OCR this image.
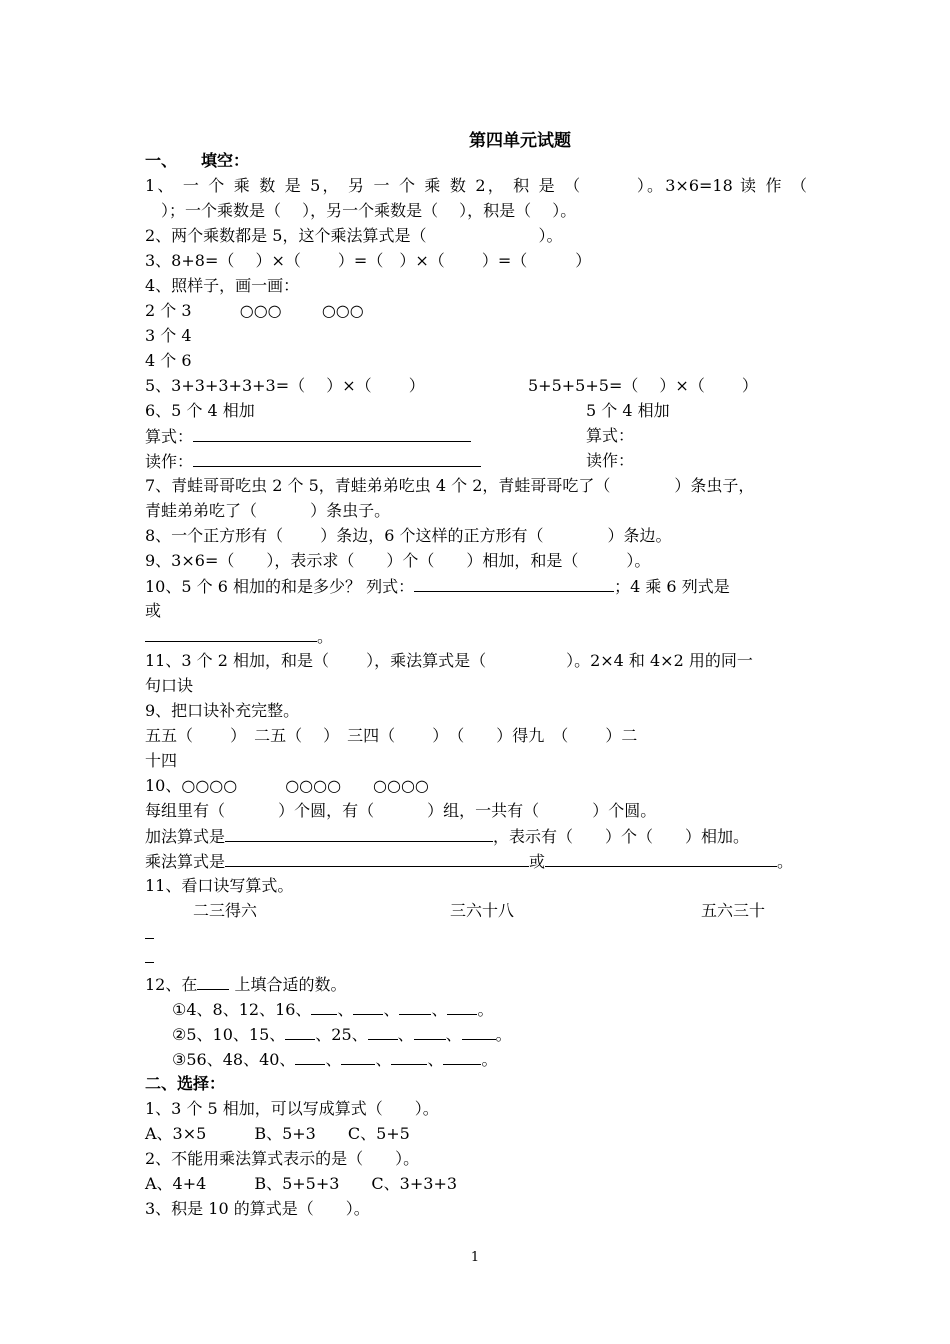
第四单元试题
一、　　填空：
1、 一 个 乘 数 是 5， 另 一 个 乘 数 2， 积 是 （　　　）。3×6=18 读 作 （
　）；一个乘数是（　 ），另一个乘数是（　 ），积是（　 ）。
2、两个乘数都是 5，这个乘法算式是（　　　　　　　）。
3、8+8=（　 ）×（　　 ）=（　）×（　　 ）=（　　　）
4、照样子，画一画：
2 个 3	○○○	○○○
3 个 4
4 个 6
5、3+3+3+3+3=（　 ）×（　　 ）	5+5+5+5=（　 ）×（　　 ）
6、5 个 4 相加	5 个 4 相加
算式：	算式：
读作：	读作：
7、青蛙哥哥吃虫 2 个 5，青蛙弟弟吃虫 4 个 2，青蛙哥哥吃了（　　　　）条虫子，
青蛙弟弟吃了（　　　 ）条虫子。
8、一个正方形有（　　 ）条边，6 个这样的正方形有（　　　　）条边。
9、3×6=（　　），表示求（　　）个（　　）相加，和是（　　　）。
10、5 个 6 相加的和是多少？ 列式：	；4 乘 6 列式是
或
。
11、3 个 2 相加，和是（　　 ），乘法算式是（　　　　　）。2×4 和 4×2 用的同一
句口诀
9、把口诀补充完整。
五五（　　 ）　二五（　 ）　三四（　　 ）　（　　）得九　（　　 ）二
十四
10、○○○○　　　○○○○　　○○○○
每组里有（　　　 ）个圆，有（　　　 ）组，一共有（　　　 ）个圆。
加法算式是	，表示有（　　）个（　　）相加。
乘法算式是	或	。
11、看口诀写算式。
二三得六	三六十八	五六三十
12、在 上填合适的数。
①4、8、12、16、 、 、 、 。
②5、10、15、 、25、 、 、 。
③56、48、40、 、 、 、 。
二、选择：
1、3 个 5 相加，可以写成算式（　　）。
A、3×5　　　B、5+3　　C、5+5
2、不能用乘法算式表示的是（　　）。
A、4+4　　　B、5+5+3　　C、3+3+3
3、积是 10 的算式是（　　）。
1
